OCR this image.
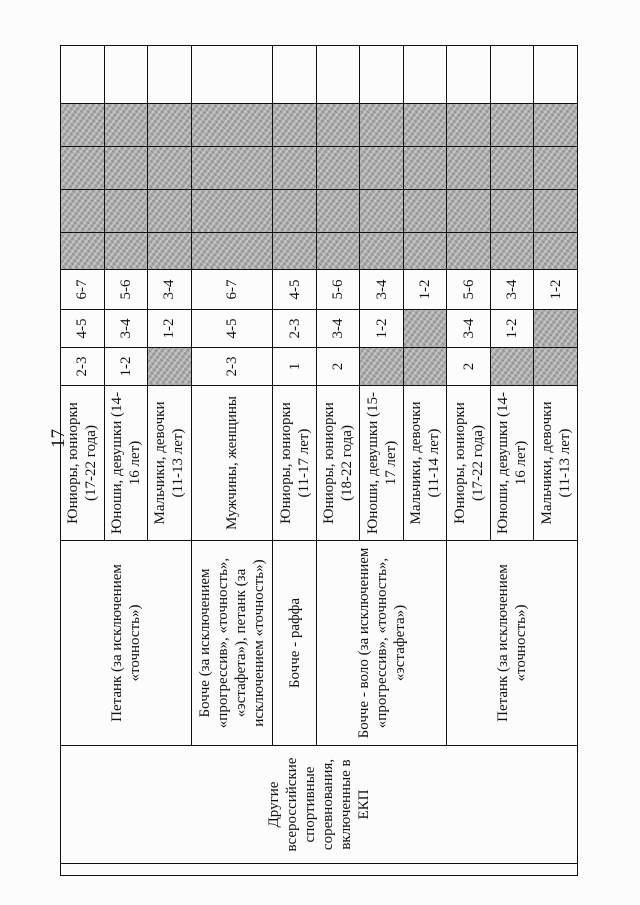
17
	Другие всероссийские спортивные соревнования, включенные в ЕКП	Петанк (за исключением «точность»)	Юниоры, юниорки (17-22 года)	2-3	4-5	6-7					
			Юноши, девушки (14-16 лет)	1-2	3-4	5-6					
			Мальчики, девочки (11-13 лет)		1-2	3-4					
		Бочче (за исключением «прогрессив», «точность», «эстафета»), петанк (за исключением «точность»)	Мужчины, женщины	2-3	4-5	6-7					
		Бочче - раффа	Юниоры, юниорки (11-17 лет)	1	2-3	4-5					
		Бочче - воло (за исключением «прогрессив», «точность», «эстафета»)	Юниоры, юниорки (18-22 года)	2	3-4	5-6					
			Юноши, девушки (15-17 лет)		1-2	3-4					
			Мальчики, девочки (11-14 лет)			1-2					
		Петанк (за исключением «точность»)	Юниоры, юниорки (17-22 года)	2	3-4	5-6					
			Юноши, девушки (14-16 лет)		1-2	3-4					
			Мальчики, девочки (11-13 лет)			1-2					
